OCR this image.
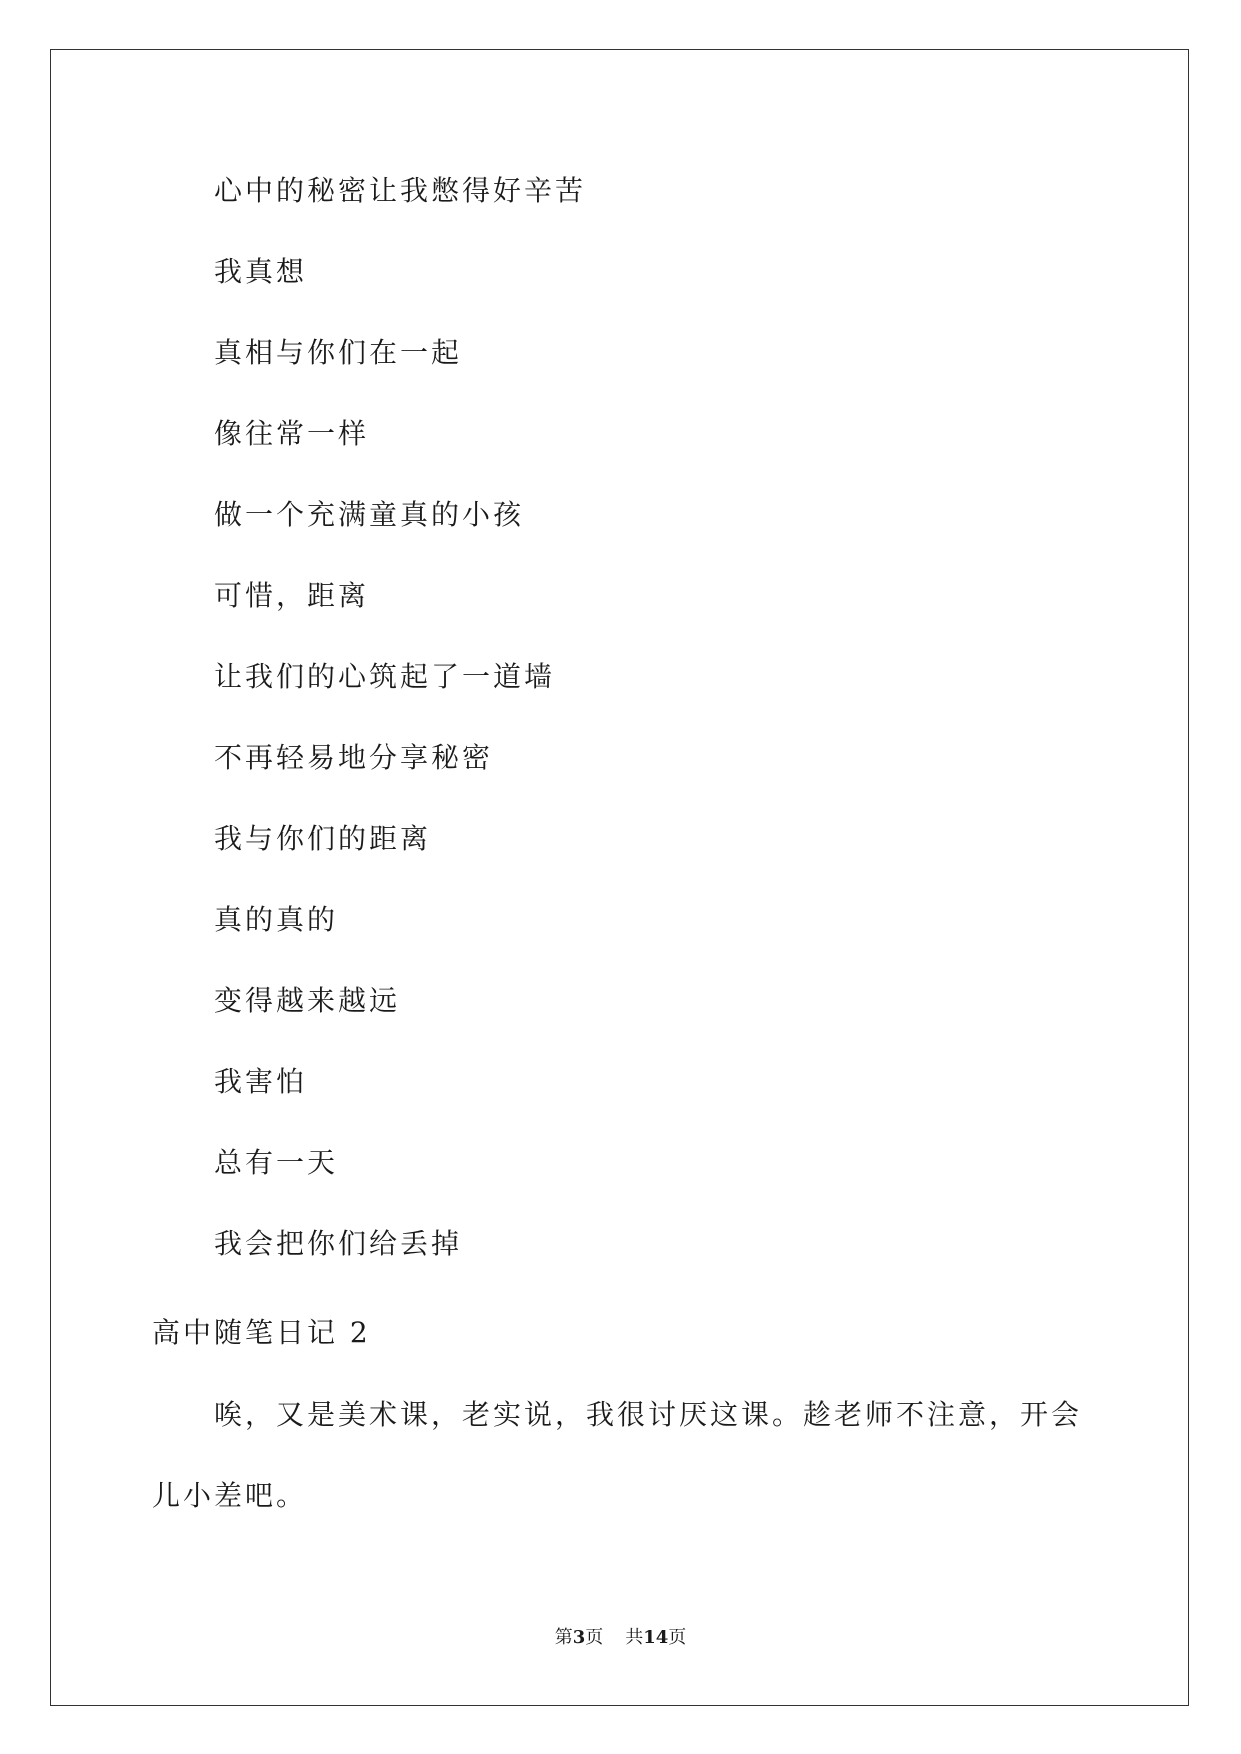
心中的秘密让我憋得好辛苦
我真想
真相与你们在一起
像往常一样
做一个充满童真的小孩
可惜，距离
让我们的心筑起了一道墙
不再轻易地分享秘密
我与你们的距离
真的真的
变得越来越远
我害怕
总有一天
我会把你们给丢掉
高中随笔日记 2
唉，又是美术课，老实说，我很讨厌这课。趁老师不注意，开会
儿小差吧。
第3页 共14页
